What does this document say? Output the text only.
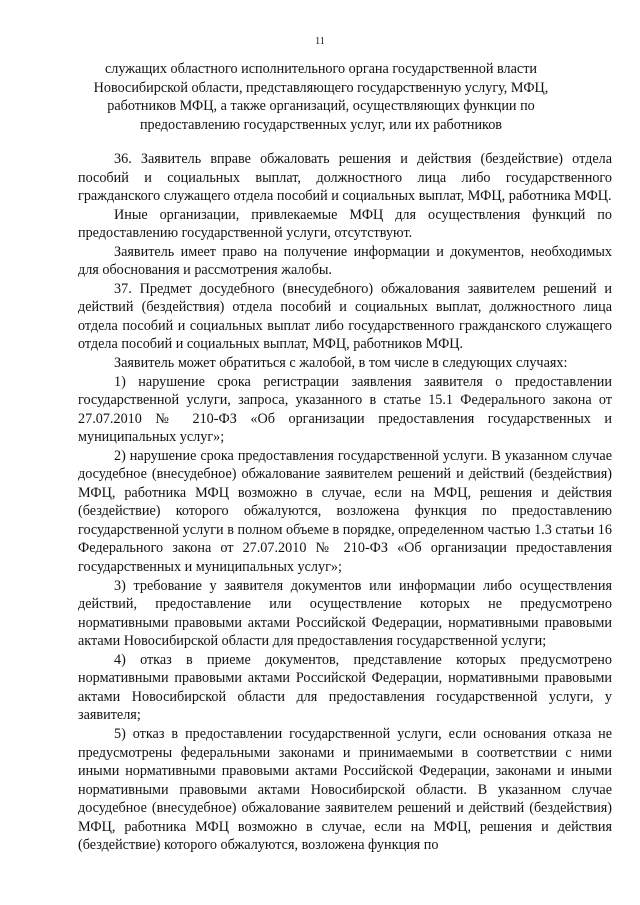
11
служащих областного исполнительного органа государственной власти Новосибирской области, представляющего государственную услугу, МФЦ, работников МФЦ, а также организаций, осуществляющих функции по предоставлению государственных услуг, или их работников

36. Заявитель вправе обжаловать решения и действия (бездействие) отдела пособий и социальных выплат, должностного лица либо государственного гражданского служащего отдела пособий и социальных выплат, МФЦ, работника МФЦ.

Иные организации, привлекаемые МФЦ для осуществления функций по предоставлению государственной услуги, отсутствуют.

Заявитель имеет право на получение информации и документов, необходимых для обоснования и рассмотрения жалобы.

37. Предмет досудебного (внесудебного) обжалования заявителем решений и действий (бездействия) отдела пособий и социальных выплат, должностного лица отдела пособий и социальных выплат либо государственного гражданского служащего отдела пособий и социальных выплат, МФЦ, работников МФЦ.

Заявитель может обратиться с жалобой, в том числе в следующих случаях:

1) нарушение срока регистрации заявления заявителя о предоставлении государственной услуги, запроса, указанного в статье 15.1 Федерального закона от 27.07.2010 № 210-ФЗ «Об организации предоставления государственных и муниципальных услуг»;

2) нарушение срока предоставления государственной услуги. В указанном случае досудебное (внесудебное) обжалование заявителем решений и действий (бездействия) МФЦ, работника МФЦ возможно в случае, если на МФЦ, решения и действия (бездействие) которого обжалуются, возложена функция по предоставлению государственной услуги в полном объеме в порядке, определенном частью 1.3 статьи 16 Федерального закона от 27.07.2010 № 210-ФЗ «Об организации предоставления государственных и муниципальных услуг»;

3) требование у заявителя документов или информации либо осуществления действий, предоставление или осуществление которых не предусмотрено нормативными правовыми актами Российской Федерации, нормативными правовыми актами Новосибирской области для предоставления государственной услуги;

4) отказ в приеме документов, представление которых предусмотрено нормативными правовыми актами Российской Федерации, нормативными правовыми актами Новосибирской области для предоставления государственной услуги, у заявителя;

5) отказ в предоставлении государственной услуги, если основания отказа не предусмотрены федеральными законами и принимаемыми в соответствии с ними иными нормативными правовыми актами Российской Федерации, законами и иными нормативными правовыми актами Новосибирской области. В указанном случае досудебное (внесудебное) обжалование заявителем решений и действий (бездействия) МФЦ, работника МФЦ возможно в случае, если на МФЦ, решения и действия (бездействие) которого обжалуются, возложена функция по
